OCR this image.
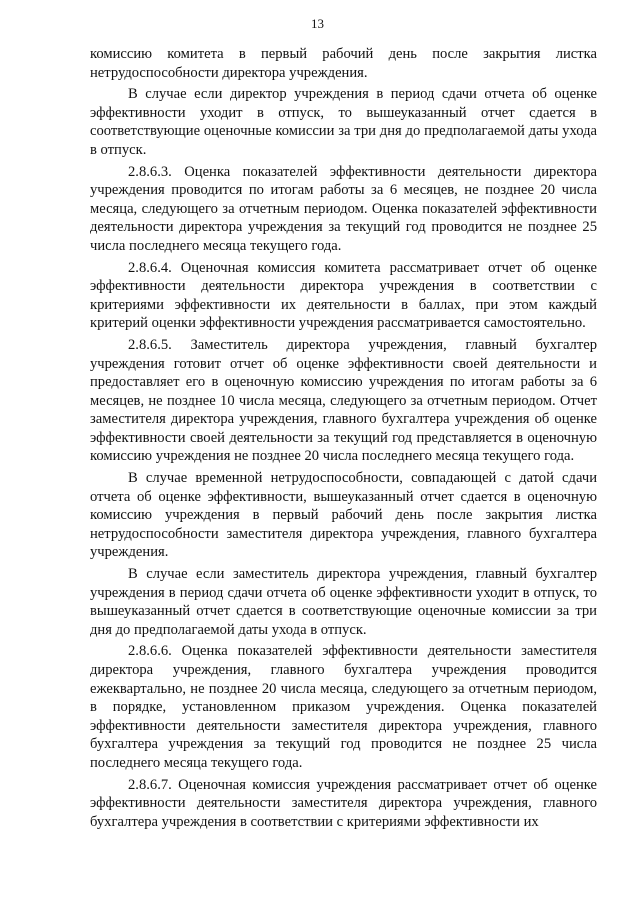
13

комиссию комитета в первый рабочий день после закрытия листка нетрудоспособности директора учреждения.

В случае если директор учреждения в период сдачи отчета об оценке эффективности уходит в отпуск, то вышеуказанный отчет сдается в соответствующие оценочные комиссии за три дня до предполагаемой даты ухода в отпуск.

2.8.6.3. Оценка показателей эффективности деятельности директора учреждения проводится по итогам работы за 6 месяцев, не позднее 20 числа месяца, следующего за отчетным периодом. Оценка показателей эффективности деятельности директора учреждения за текущий год проводится не позднее 25 числа последнего месяца текущего года.

2.8.6.4. Оценочная комиссия комитета рассматривает отчет об оценке эффективности деятельности директора учреждения в соответствии с критериями эффективности их деятельности в баллах, при этом каждый критерий оценки эффективности учреждения рассматривается самостоятельно.

2.8.6.5. Заместитель директора учреждения, главный бухгалтер учреждения готовит отчет об оценке эффективности своей деятельности и предоставляет его в оценочную комиссию учреждения по итогам работы за 6 месяцев, не позднее 10 числа месяца, следующего за отчетным периодом. Отчет заместителя директора учреждения, главного бухгалтера учреждения об оценке эффективности своей деятельности за текущий год представляется в оценочную комиссию учреждения не позднее 20 числа последнего месяца текущего года.

В случае временной нетрудоспособности, совпадающей с датой сдачи отчета об оценке эффективности, вышеуказанный отчет сдается в оценочную комиссию учреждения в первый рабочий день после закрытия листка нетрудоспособности заместителя директора учреждения, главного бухгалтера учреждения.

В случае если заместитель директора учреждения, главный бухгалтер учреждения в период сдачи отчета об оценке эффективности уходит в отпуск, то вышеуказанный отчет сдается в соответствующие оценочные комиссии за три дня до предполагаемой даты ухода в отпуск.

2.8.6.6. Оценка показателей эффективности деятельности заместителя директора учреждения, главного бухгалтера учреждения проводится ежеквартально, не позднее 20 числа месяца, следующего за отчетным периодом, в порядке, установленном приказом учреждения. Оценка показателей эффективности деятельности заместителя директора учреждения, главного бухгалтера учреждения за текущий год проводится не позднее 25 числа последнего месяца текущего года.

2.8.6.7. Оценочная комиссия учреждения рассматривает отчет об оценке эффективности деятельности заместителя директора учреждения, главного бухгалтера учреждения в соответствии с критериями эффективности их
